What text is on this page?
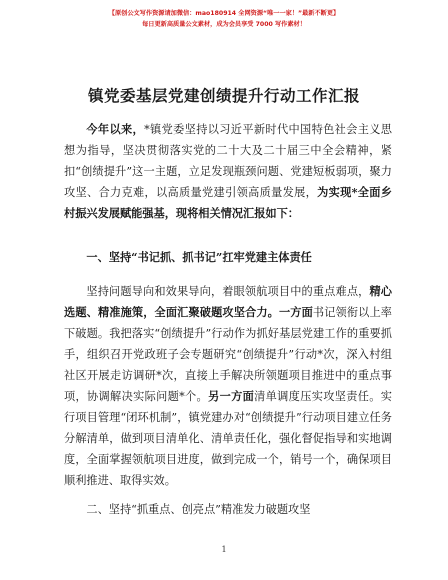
【原创公文写作资源请加微信：mao180914 全网资源“唯一一家！”最新不断更】
每日更新高质量公文素材，成为会员享受 7000 写作素材！
镇党委基层党建创绩提升行动工作汇报

今年以来，*镇党委坚持以习近平新时代中国特色社会主义思想为指导，坚决贯彻落实党的二十大及二十届三中全会精神，紧扣“创绩提升”这一主题，立足发现瓶颈问题、党建短板弱项，聚力攻坚、合力克难，以高质量党建引领高质量发展，为实现*全面乡村振兴发展赋能强基，现将相关情况汇报如下：

一、坚持“书记抓、抓书记”扛牢党建主体责任

坚持问题导向和效果导向，着眼领航项目中的重点难点，精心选题、精准施策，全面汇聚破题攻坚合力。一方面书记领衔以上率下破题。我把落实“创绩提升”行动作为抓好基层党建工作的重要抓手，组织召开党政班子会专题研究“创绩提升”行动*次，深入村组社区开展走访调研*次，直接上手解决所领题项目推进中的重点事项，协调解决实际问题*个。另一方面清单调度压实攻坚责任。实行项目管理“闭环机制”，镇党建办对“创绩提升”行动项目建立任务分解清单，做到项目清单化、清单责任化，强化督促指导和实地调度，全面掌握领航项目进度，做到完成一个，销号一个，确保项目顺利推进、取得实效。

二、坚持“抓重点、创亮点”精准发力破题攻坚

1
